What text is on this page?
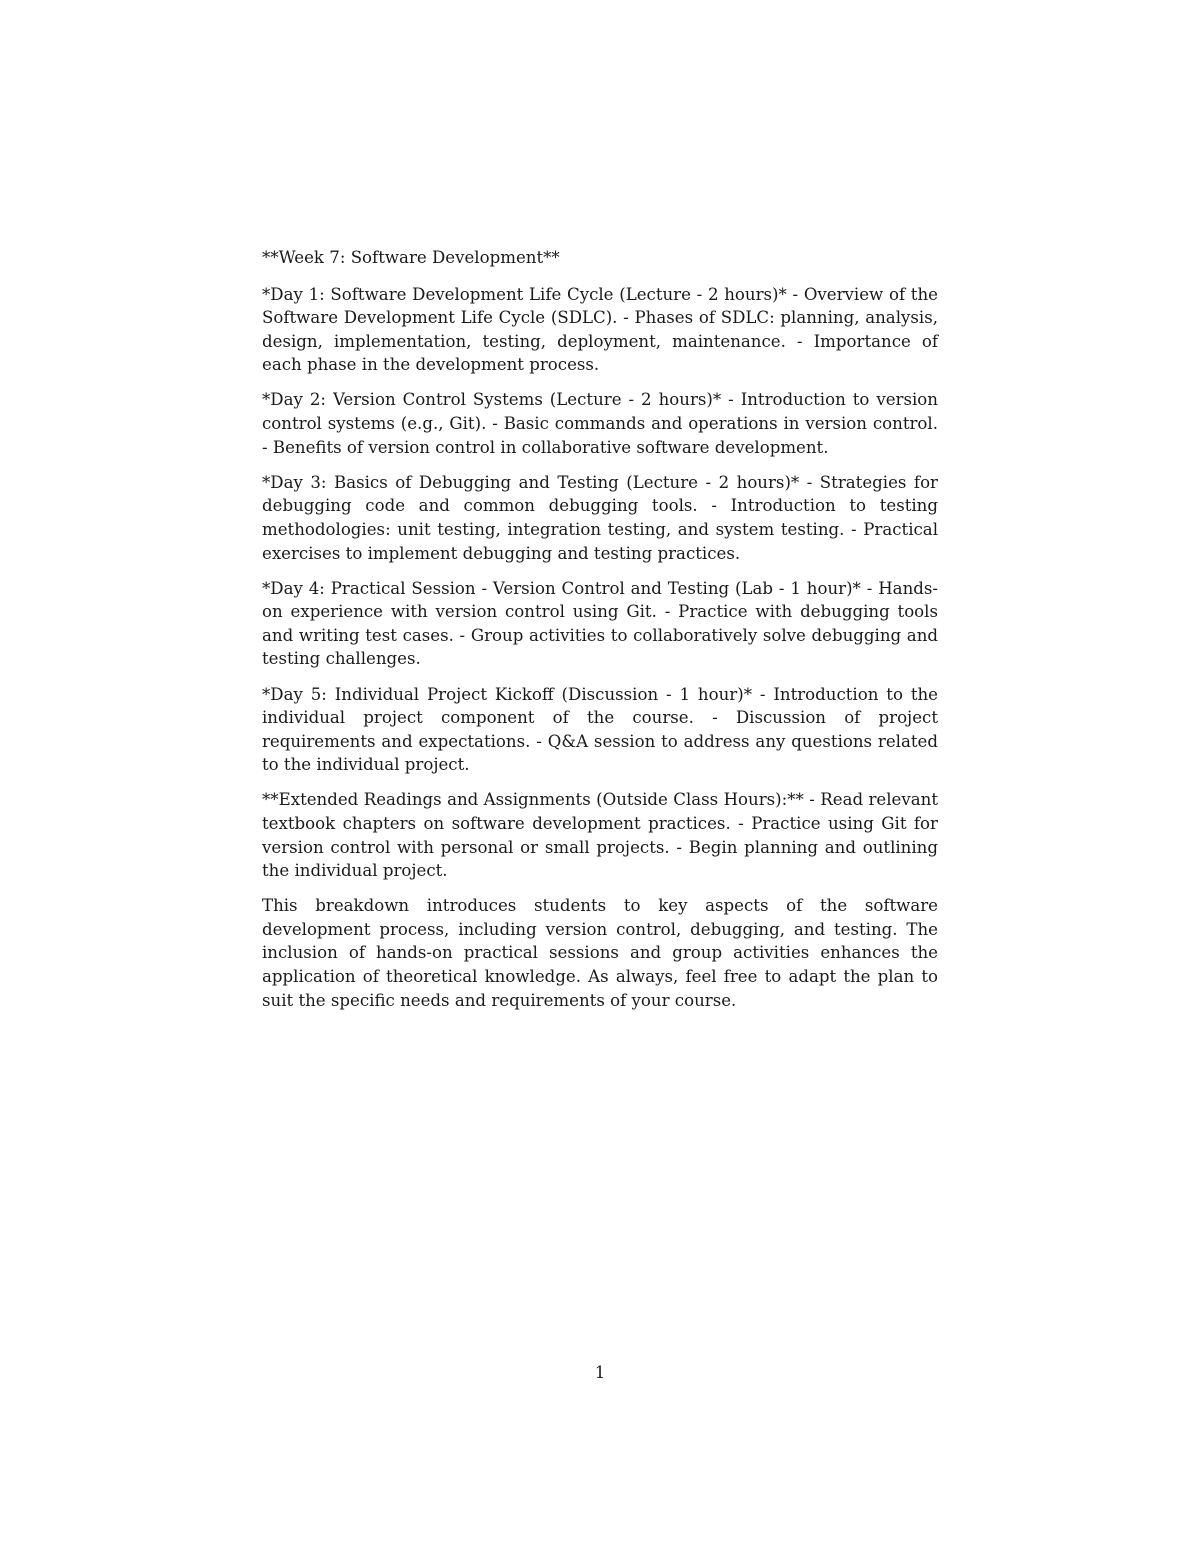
**Week 7: Software Development**

*Day 1: Software Development Life Cycle (Lecture - 2 hours)* - Overview of the Software Development Life Cycle (SDLC). - Phases of SDLC: planning, analysis, design, implementation, testing, deployment, maintenance. - Importance of each phase in the development process.

*Day 2: Version Control Systems (Lecture - 2 hours)* - Introduction to version control systems (e.g., Git). - Basic commands and operations in version control. - Benefits of version control in collaborative software development.

*Day 3: Basics of Debugging and Testing (Lecture - 2 hours)* - Strategies for debugging code and common debugging tools. - Introduction to testing methodologies: unit testing, integration testing, and system testing. - Practical exercises to implement debugging and testing practices.

*Day 4: Practical Session - Version Control and Testing (Lab - 1 hour)* - Hands-on experience with version control using Git. - Practice with debugging tools and writing test cases. - Group activities to collaboratively solve debugging and testing challenges.

*Day 5: Individual Project Kickoff (Discussion - 1 hour)* - Introduction to the individual project component of the course. - Discussion of project requirements and expectations. - Q&A session to address any questions related to the individual project.

**Extended Readings and Assignments (Outside Class Hours):** - Read relevant textbook chapters on software development practices. - Practice using Git for version control with personal or small projects. - Begin planning and outlining the individual project.

This breakdown introduces students to key aspects of the software development process, including version control, debugging, and testing. The inclusion of hands-on practical sessions and group activities enhances the application of theoretical knowledge. As always, feel free to adapt the plan to suit the specific needs and requirements of your course.

1
